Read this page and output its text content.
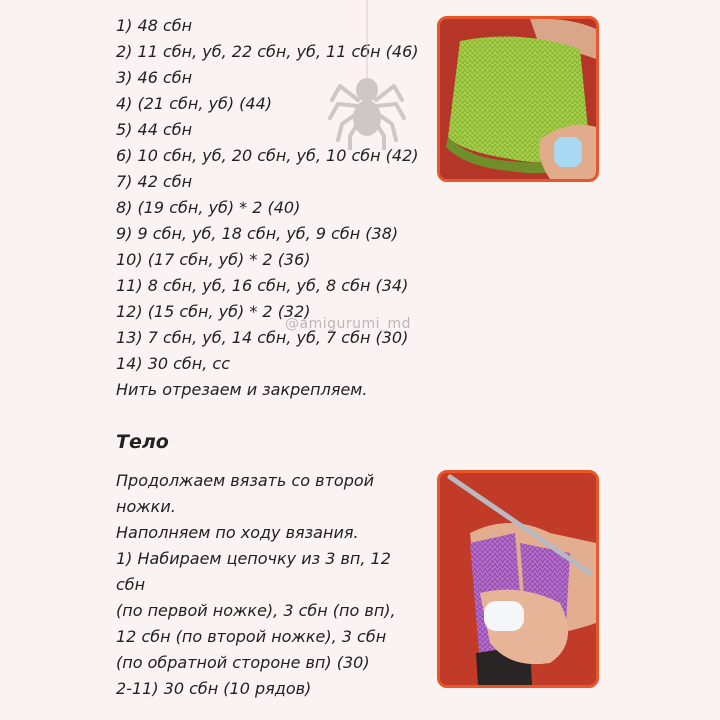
1) 48 сбн
2) 11 сбн, уб, 22 сбн, уб, 11 сбн (46)
3) 46 сбн
4) (21 сбн, уб) (44)
5) 44 сбн
6) 10 сбн, уб, 20 сбн, уб, 10 сбн (42)
7) 42 сбн
8) (19 сбн, уб) * 2 (40)
9) 9 сбн, уб, 18 сбн, уб, 9 сбн (38)
10) (17 сбн, уб) * 2 (36)
11) 8 сбн, уб, 16 сбн, уб, 8 сбн (34)
12) (15 сбн, уб) * 2 (32)
13) 7 сбн, уб, 14 сбн, уб, 7 сбн (30)
14) 30 сбн, сс
Нить отрезаем и закрепляем.
Тело
Продолжаем вязать со второй
ножки.
Наполняем по ходу вязания.
1) Набираем цепочку из 3 вп, 12
сбн
(по первой ножке), 3 сбн (по вп),
12 сбн (по второй ножке), 3 сбн
(по обратной стороне вп) (30)
2-11) 30 сбн (10 рядов)
@amigurumi_md
